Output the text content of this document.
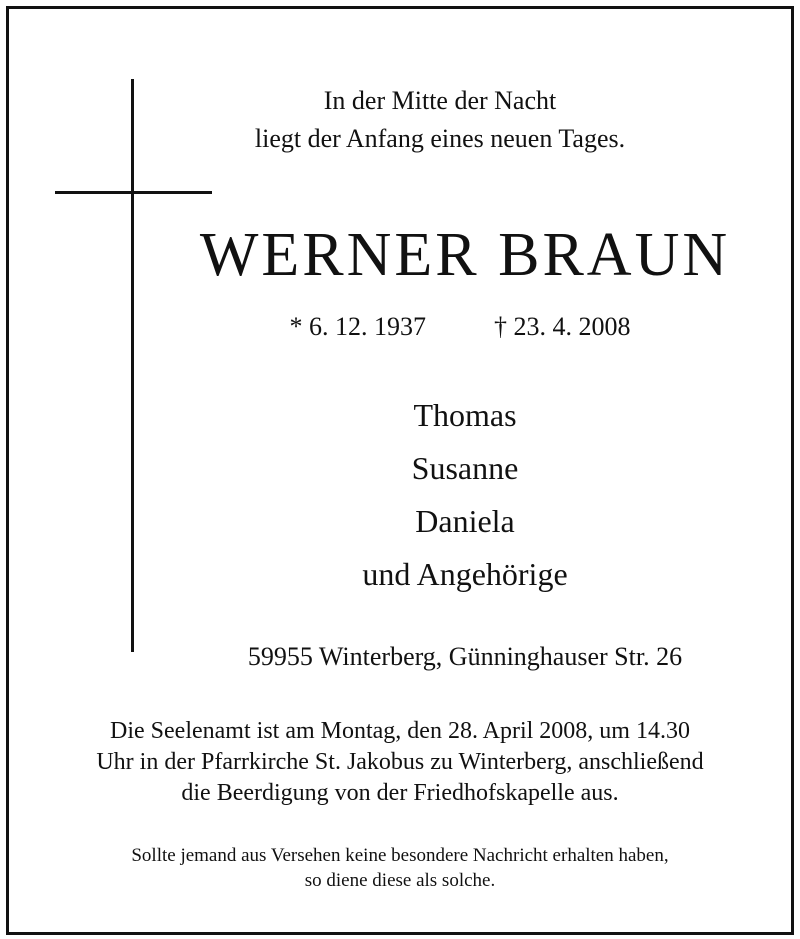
In der Mitte der Nacht
liegt der Anfang eines neuen Tages.
WERNER BRAUN
* 6. 12. 1937	† 23. 4. 2008
Thomas
Susanne
Daniela
und Angehörige
59955 Winterberg, Günninghauser Str. 26
Die Seelenamt ist am Montag, den 28. April 2008, um 14.30
Uhr in der Pfarrkirche St. Jakobus zu Winterberg, anschließend
die Beerdigung von der Friedhofskapelle aus.
Sollte jemand aus Versehen keine besondere Nachricht erhalten haben,
so diene diese als solche.
